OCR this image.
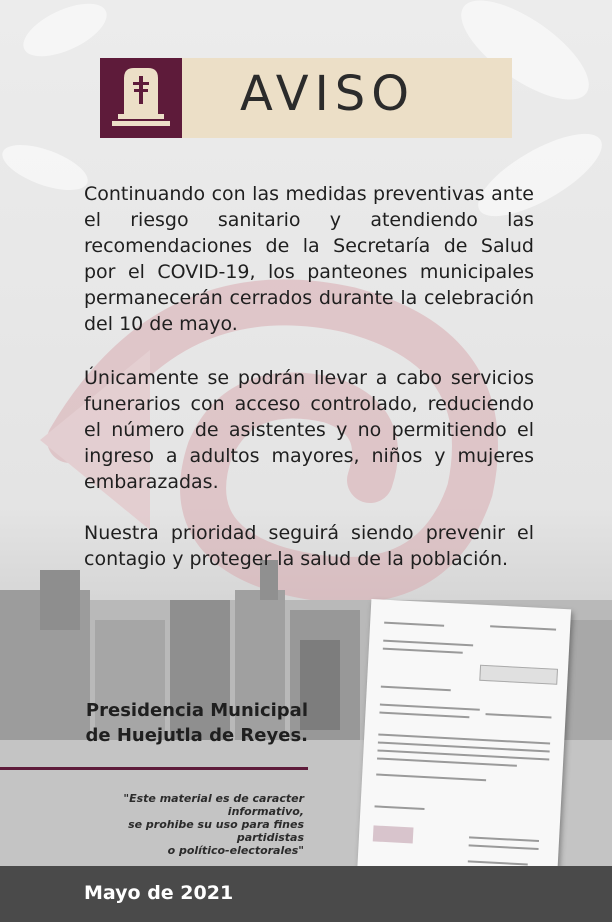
AVISO

Continuando con las medidas preventivas ante el riesgo sanitario y atendiendo las recomendaciones de la Secretaría de Salud por el COVID-19, los panteones municipales permanecerán cerrados durante la celebración del 10 de mayo.

Únicamente se podrán llevar a cabo servicios funerarios con acceso controlado, reduciendo el número de asistentes y no permitiendo el ingreso a adultos mayores, niños y mujeres embarazadas.

Nuestra prioridad seguirá siendo prevenir el contagio y proteger la salud de la población.

Presidencia Municipal
de Huejutla de Reyes.
"Este material es de caracter informativo,
se prohibe su uso para fines partidistas
o político-electorales"
Mayo de 2021
